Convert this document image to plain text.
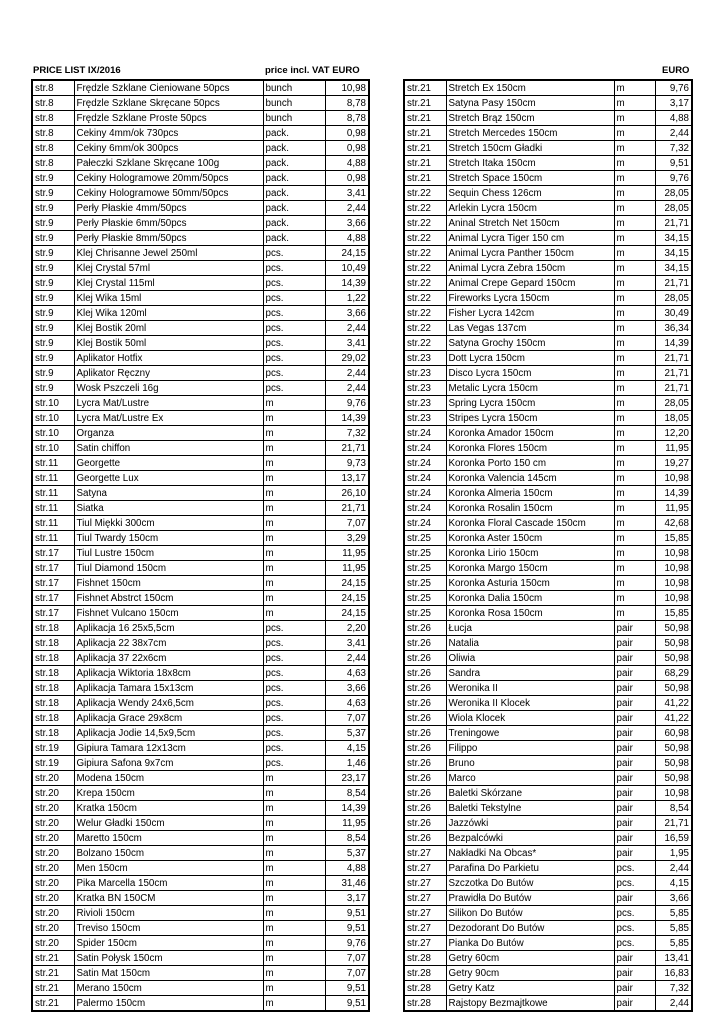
PRICE LIST IX/2016	price incl. VAT EURO	EURO
str.8	Frędzle Szklane Cieniowane 50pcs	bunch	10,98
str.8	Frędzle Szklane Skręcane 50pcs	bunch	8,78
str.8	Frędzle Szklane Proste 50pcs	bunch	8,78
str.8	Cekiny 4mm/ok 730pcs	pack.	0,98
str.8	Cekiny 6mm/ok 300pcs	pack.	0,98
str.8	Pałeczki Szklane Skręcane 100g	pack.	4,88
str.9	Cekiny Hologramowe 20mm/50pcs	pack.	0,98
str.9	Cekiny Hologramowe 50mm/50pcs	pack.	3,41
str.9	Perły Płaskie 4mm/50pcs	pack.	2,44
str.9	Perły Płaskie 6mm/50pcs	pack.	3,66
str.9	Perły Płaskie 8mm/50pcs	pack.	4,88
str.9	Klej Chrisanne Jewel 250ml	pcs.	24,15
str.9	Klej Crystal 57ml	pcs.	10,49
str.9	Klej Crystal 115ml	pcs.	14,39
str.9	Klej Wika 15ml	pcs.	1,22
str.9	Klej Wika 120ml	pcs.	3,66
str.9	Klej Bostik 20ml	pcs.	2,44
str.9	Klej Bostik 50ml	pcs.	3,41
str.9	Aplikator Hotfix	pcs.	29,02
str.9	Aplikator Ręczny	pcs.	2,44
str.9	Wosk Pszczeli 16g	pcs.	2,44
str.10	Lycra Mat/Lustre	m	9,76
str.10	Lycra Mat/Lustre Ex	m	14,39
str.10	Organza	m	7,32
str.10	Satin chiffon	m	21,71
str.11	Georgette	m	9,73
str.11	Georgette Lux	m	13,17
str.11	Satyna	m	26,10
str.11	Siatka	m	21,71
str.11	Tiul Miękki 300cm	m	7,07
str.11	Tiul Twardy 150cm	m	3,29
str.17	Tiul Lustre 150cm	m	11,95
str.17	Tiul Diamond 150cm	m	11,95
str.17	Fishnet 150cm	m	24,15
str.17	Fishnet Abstrct 150cm	m	24,15
str.17	Fishnet Vulcano 150cm	m	24,15
str.18	Aplikacja 16 25x5,5cm	pcs.	2,20
str.18	Aplikacja 22 38x7cm	pcs.	3,41
str.18	Aplikacja 37 22x6cm	pcs.	2,44
str.18	Aplikacja Wiktoria 18x8cm	pcs.	4,63
str.18	Aplikacja Tamara 15x13cm	pcs.	3,66
str.18	Aplikacja Wendy 24x6,5cm	pcs.	4,63
str.18	Aplikacja Grace 29x8cm	pcs.	7,07
str.18	Aplikacja Jodie 14,5x9,5cm	pcs.	5,37
str.19	Gipiura Tamara 12x13cm	pcs.	4,15
str.19	Gipiura Safona 9x7cm	pcs.	1,46
str.20	Modena 150cm	m	23,17
str.20	Krepa 150cm	m	8,54
str.20	Kratka 150cm	m	14,39
str.20	Welur Gładki 150cm	m	11,95
str.20	Maretto 150cm	m	8,54
str.20	Bolzano 150cm	m	5,37
str.20	Men 150cm	m	4,88
str.20	Pika Marcella 150cm	m	31,46
str.20	Kratka BN 150CM	m	3,17
str.20	Rivioli 150cm	m	9,51
str.20	Treviso 150cm	m	9,51
str.20	Spider 150cm	m	9,76
str.21	Satin Połysk 150cm	m	7,07
str.21	Satin Mat 150cm	m	7,07
str.21	Merano 150cm	m	9,51
str.21	Palermo 150cm	m	9,51
str.21	Stretch Ex 150cm	m	9,76
str.21	Satyna Pasy 150cm	m	3,17
str.21	Stretch Brąz 150cm	m	4,88
str.21	Stretch Mercedes 150cm	m	2,44
str.21	Stretch 150cm Gładki	m	7,32
str.21	Stretch Itaka 150cm	m	9,51
str.21	Stretch Space 150cm	m	9,76
str.22	Sequin Chess 126cm	m	28,05
str.22	Arlekin Lycra 150cm	m	28,05
str.22	Aninal Stretch Net 150cm	m	21,71
str.22	Animal Lycra Tiger 150 cm	m	34,15
str.22	Animal Lycra Panther 150cm	m	34,15
str.22	Animal Lycra Zebra 150cm	m	34,15
str.22	Animal Crepe Gepard 150cm	m	21,71
str.22	Fireworks Lycra 150cm	m	28,05
str.22	Fisher Lycra 142cm	m	30,49
str.22	Las Vegas 137cm	m	36,34
str.22	Satyna Grochy 150cm	m	14,39
str.23	Dott Lycra 150cm	m	21,71
str.23	Disco Lycra 150cm	m	21,71
str.23	Metalic Lycra 150cm	m	21,71
str.23	Spring Lycra 150cm	m	28,05
str.23	Stripes Lycra 150cm	m	18,05
str.24	Koronka Amador 150cm	m	12,20
str.24	Koronka Flores 150cm	m	11,95
str.24	Koronka Porto 150 cm	m	19,27
str.24	Koronka Valencia 145cm	m	10,98
str.24	Koronka Almeria 150cm	m	14,39
str.24	Koronka Rosalin 150cm	m	11,95
str.24	Koronka Floral Cascade 150cm	m	42,68
str.25	Koronka Aster 150cm	m	15,85
str.25	Koronka Lirio 150cm	m	10,98
str.25	Koronka Margo 150cm	m	10,98
str.25	Koronka Asturia 150cm	m	10,98
str.25	Koronka Dalia 150cm	m	10,98
str.25	Koronka Rosa 150cm	m	15,85
str.26	Łucja	pair	50,98
str.26	Natalia	pair	50,98
str.26	Oliwia	pair	50,98
str.26	Sandra	pair	68,29
str.26	Weronika II	pair	50,98
str.26	Weronika II Klocek	pair	41,22
str.26	Wiola Klocek	pair	41,22
str.26	Treningowe	pair	60,98
str.26	Filippo	pair	50,98
str.26	Bruno	pair	50,98
str.26	Marco	pair	50,98
str.26	Baletki Skórzane	pair	10,98
str.26	Baletki Tekstylne	pair	8,54
str.26	Jazzówki	pair	21,71
str.26	Bezpalcówki	pair	16,59
str.27	Nakładki Na Obcas*	pair	1,95
str.27	Parafina Do Parkietu	pcs.	2,44
str.27	Szczotka Do Butów	pcs.	4,15
str.27	Prawidła Do Butów	pair	3,66
str.27	Silikon Do Butów	pcs.	5,85
str.27	Dezodorant Do Butów	pcs.	5,85
str.27	Pianka Do Butów	pcs.	5,85
str.28	Getry 60cm	pair	13,41
str.28	Getry 90cm	pair	16,83
str.28	Getry Katz	pair	7,32
str.28	Rajstopy Bezmajtkowe	pair	2,44
